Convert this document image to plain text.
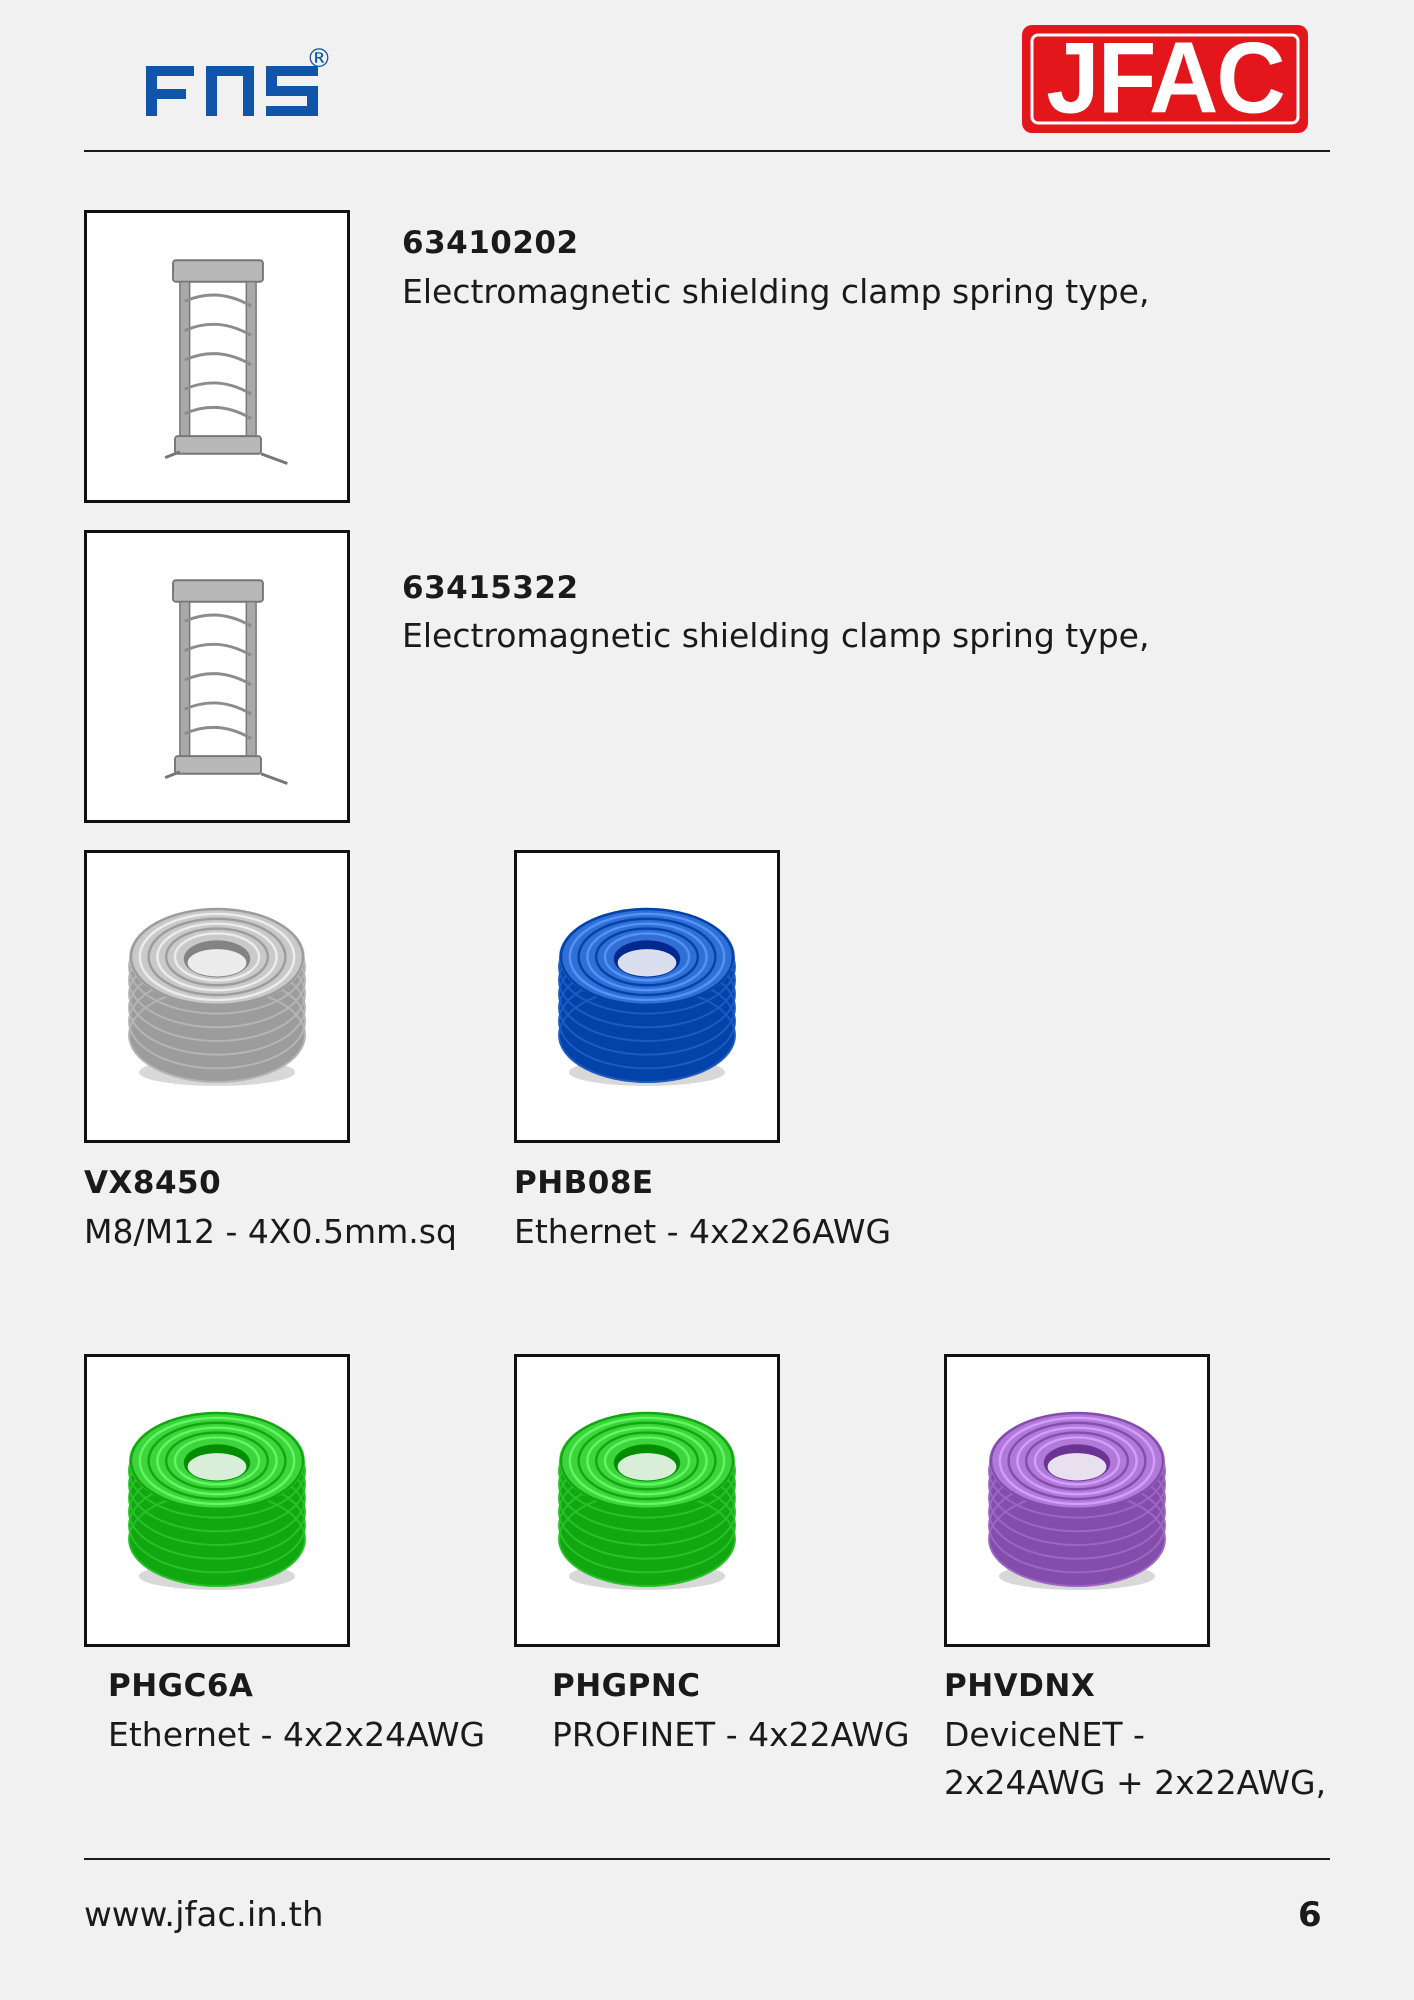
®	JFAC
63410202
Electromagnetic shielding clamp spring type,
63415322
Electromagnetic shielding clamp spring type,
VX8450
M8/M12 - 4X0.5mm.sq
PHB08E
Ethernet - 4x2x26AWG
PHGC6A
Ethernet - 4x2x24AWG
PHGPNC
PROFINET - 4x22AWG
PHVDNX
DeviceNET -
2x24AWG + 2x22AWG,
www.jfac.in.th	6
